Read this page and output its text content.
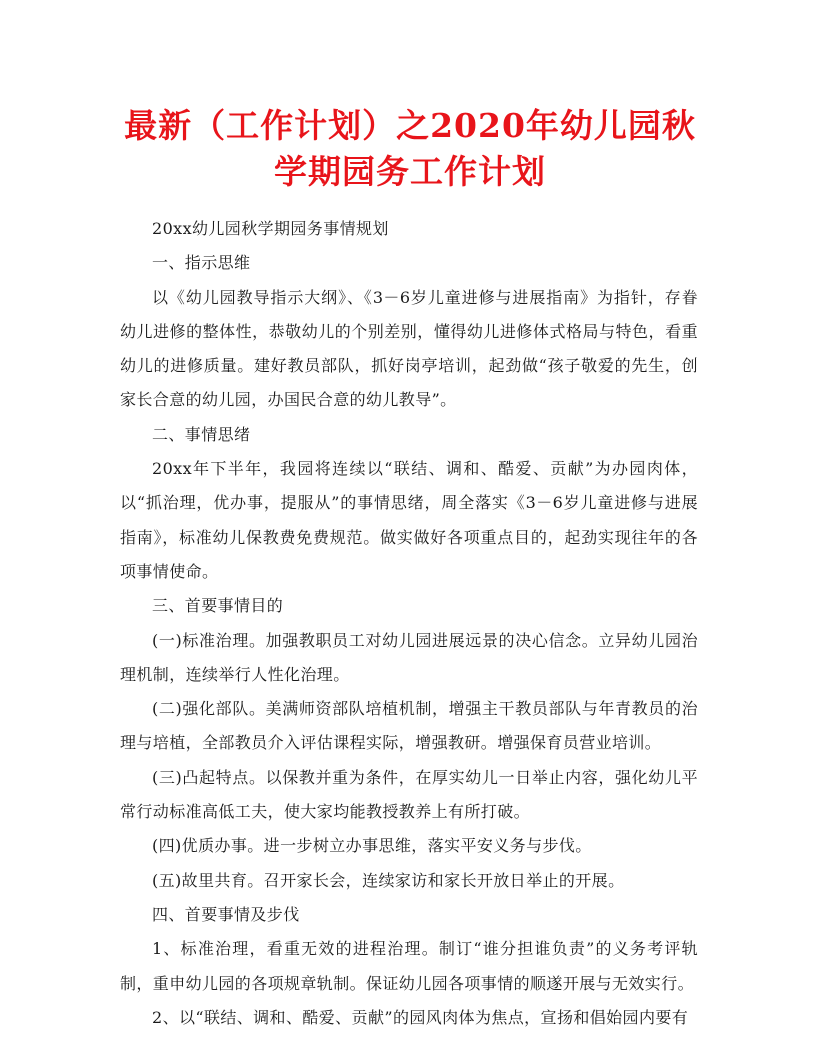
最新（工作计划）之2020年幼儿园秋学期园务工作计划

20xx幼儿园秋学期园务事情规划

一、指示思维

以《幼儿园教导指示大纲》、《3－6岁儿童进修与进展指南》为指针，存眷幼儿进修的整体性，恭敬幼儿的个别差别，懂得幼儿进修体式格局与特色，看重幼儿的进修质量。建好教员部队，抓好岗亭培训，起劲做“孩子敬爱的先生，创家长合意的幼儿园，办国民合意的幼儿教导”。

二、事情思绪

20xx年下半年，我园将连续以“联结、调和、酷爱、贡献”为办园肉体，以“抓治理，优办事，提服从”的事情思绪，周全落实《3－6岁儿童进修与进展指南》，标准幼儿保教费免费规范。做实做好各项重点目的，起劲实现往年的各项事情使命。

三、首要事情目的

(一)标准治理。加强教职员工对幼儿园进展远景的决心信念。立异幼儿园治理机制，连续举行人性化治理。

(二)强化部队。美满师资部队培植机制，增强主干教员部队与年青教员的治理与培植，全部教员介入评估课程实际，增强教研。增强保育员营业培训。

(三)凸起特点。以保教并重为条件，在厚实幼儿一日举止内容，强化幼儿平常行动标准高低工夫，使大家均能教授教养上有所打破。

(四)优质办事。进一步树立办事思维，落实平安义务与步伐。

(五)故里共育。召开家长会，连续家访和家长开放日举止的开展。

四、首要事情及步伐

1、标准治理，看重无效的进程治理。制订“谁分担谁负责”的义务考评轨制，重申幼儿园的各项规章轨制。保证幼儿园各项事情的顺遂开展与无效实行。

2、以“联结、调和、酷爱、贡献”的园风肉体为焦点，宣扬和倡始园内要有
